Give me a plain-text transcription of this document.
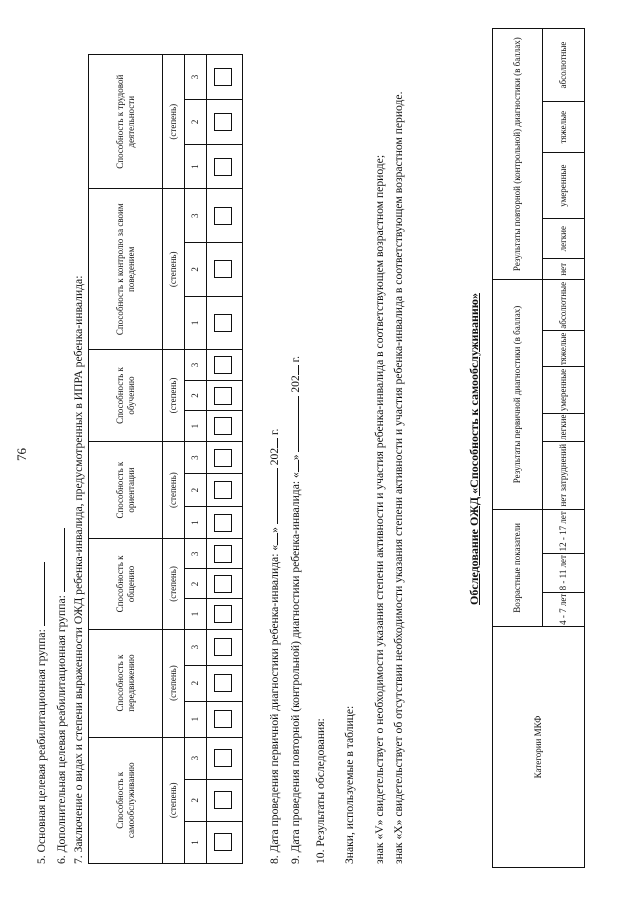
76
5. Основная целевая реабилитационная группа: 6. Дополнительная целевая реабилитационная группа: 7. Заключение о видах и степени выраженности ОЖД ребенка-инвалида, предусмотренных в ИПРА ребенка-инвалида:	Способность к самообслуживанию			Способность к передвижению			Способность к общению			Способность к ориентации			Способность к обучению			Способность к контролю за своим поведением			Способность к трудовой деятельности		
(степень)			(степень)			(степень)			(степень)			(степень)			(степень)			(степень)		
1	2	3	1	2	3	1	2	3	1	2	3	1	2	3	1	2	3	1	2	3

8. Дата проведения первичной диагностики ребенка-инвалида: «»  202 г.
9. Дата проведения повторной (контрольной) диагностики ребенка-инвалида: «»  202 г.

10. Результаты обследования: Знаки, используемые в таблице: знак «V» свидетельствует о необходимости указания степени активности и участия ребенка-инвалида в соответствующем возрастном периоде; знак «X» свидетельствует об отсутствии необходимости указания степени активности и участия ребенка-инвалида в соответствующем возрастном периоде.	Обследование ОЖД «Способность к самообслуживанию»
Категории МКФ	Возрастные показатели			Результаты первичной диагностики (в баллах)					Результаты повторной (контрольной) диагностики (в баллах)				
	4 - 7 лет	8 - 11 лет	12 - 17 лет	нет затруднений	легкие	умеренные	тяжелые	абсолютные	нет	легкие	умеренные	тяжелые	абсолютные
